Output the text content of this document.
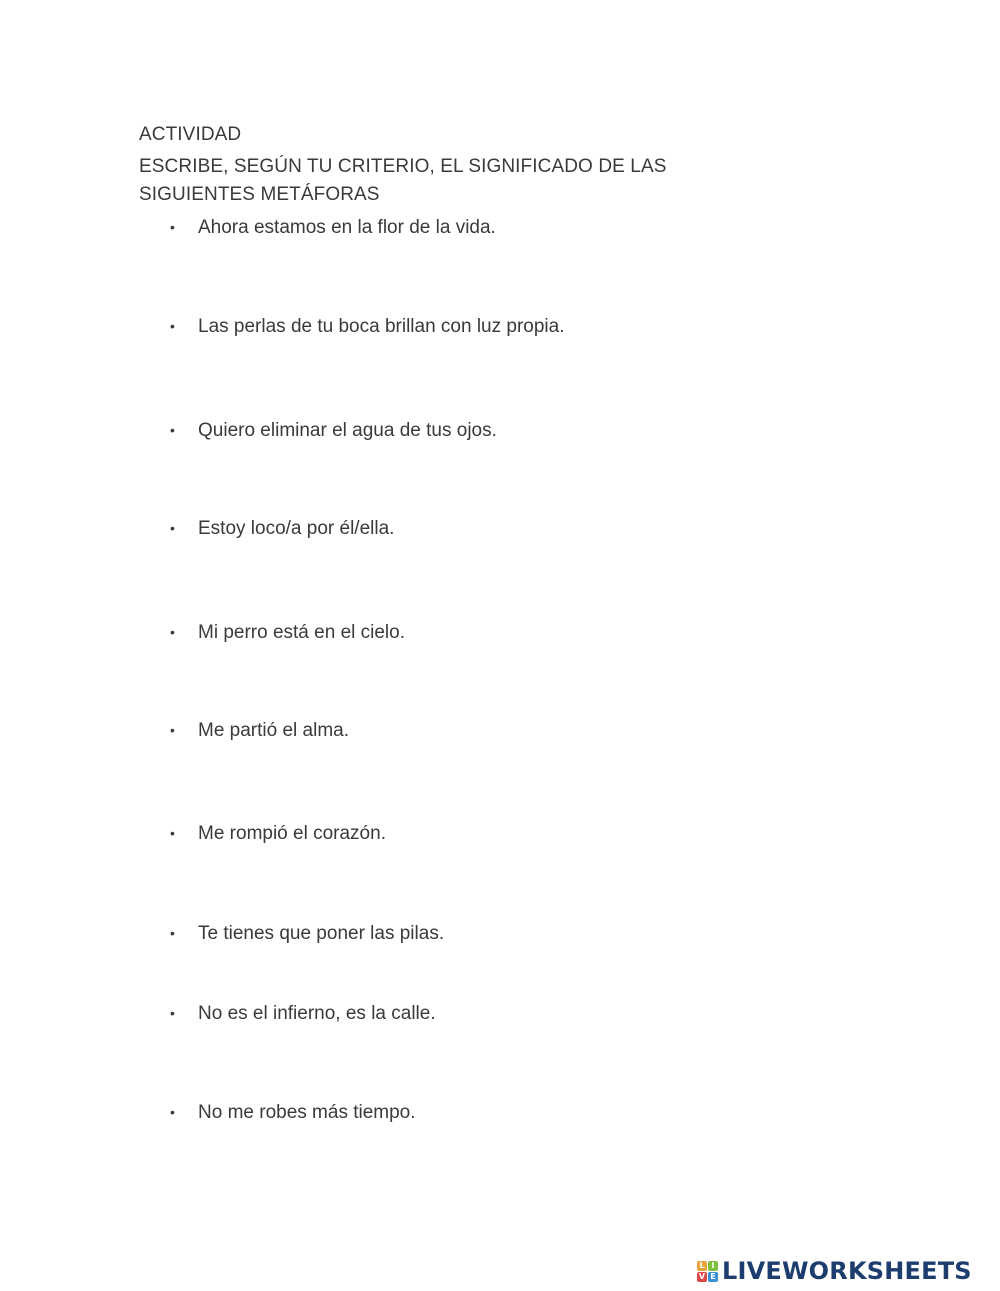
ACTIVIDAD
ESCRIBE, SEGÚN TU CRITERIO, EL SIGNIFICADO DE LAS SIGUIENTES METÁFORAS
• Ahora estamos en la flor de la vida.
• Las perlas de tu boca brillan con luz propia.
• Quiero eliminar el agua de tus ojos.
• Estoy loco/a por él/ella.
• Mi perro está en el cielo.
• Me partió el alma.
• Me rompió el corazón.
• Te tienes que poner las pilas.
• No es el infierno, es la calle.
• No me robes más tiempo.
L I
V E LIVEWORKSHEETS
